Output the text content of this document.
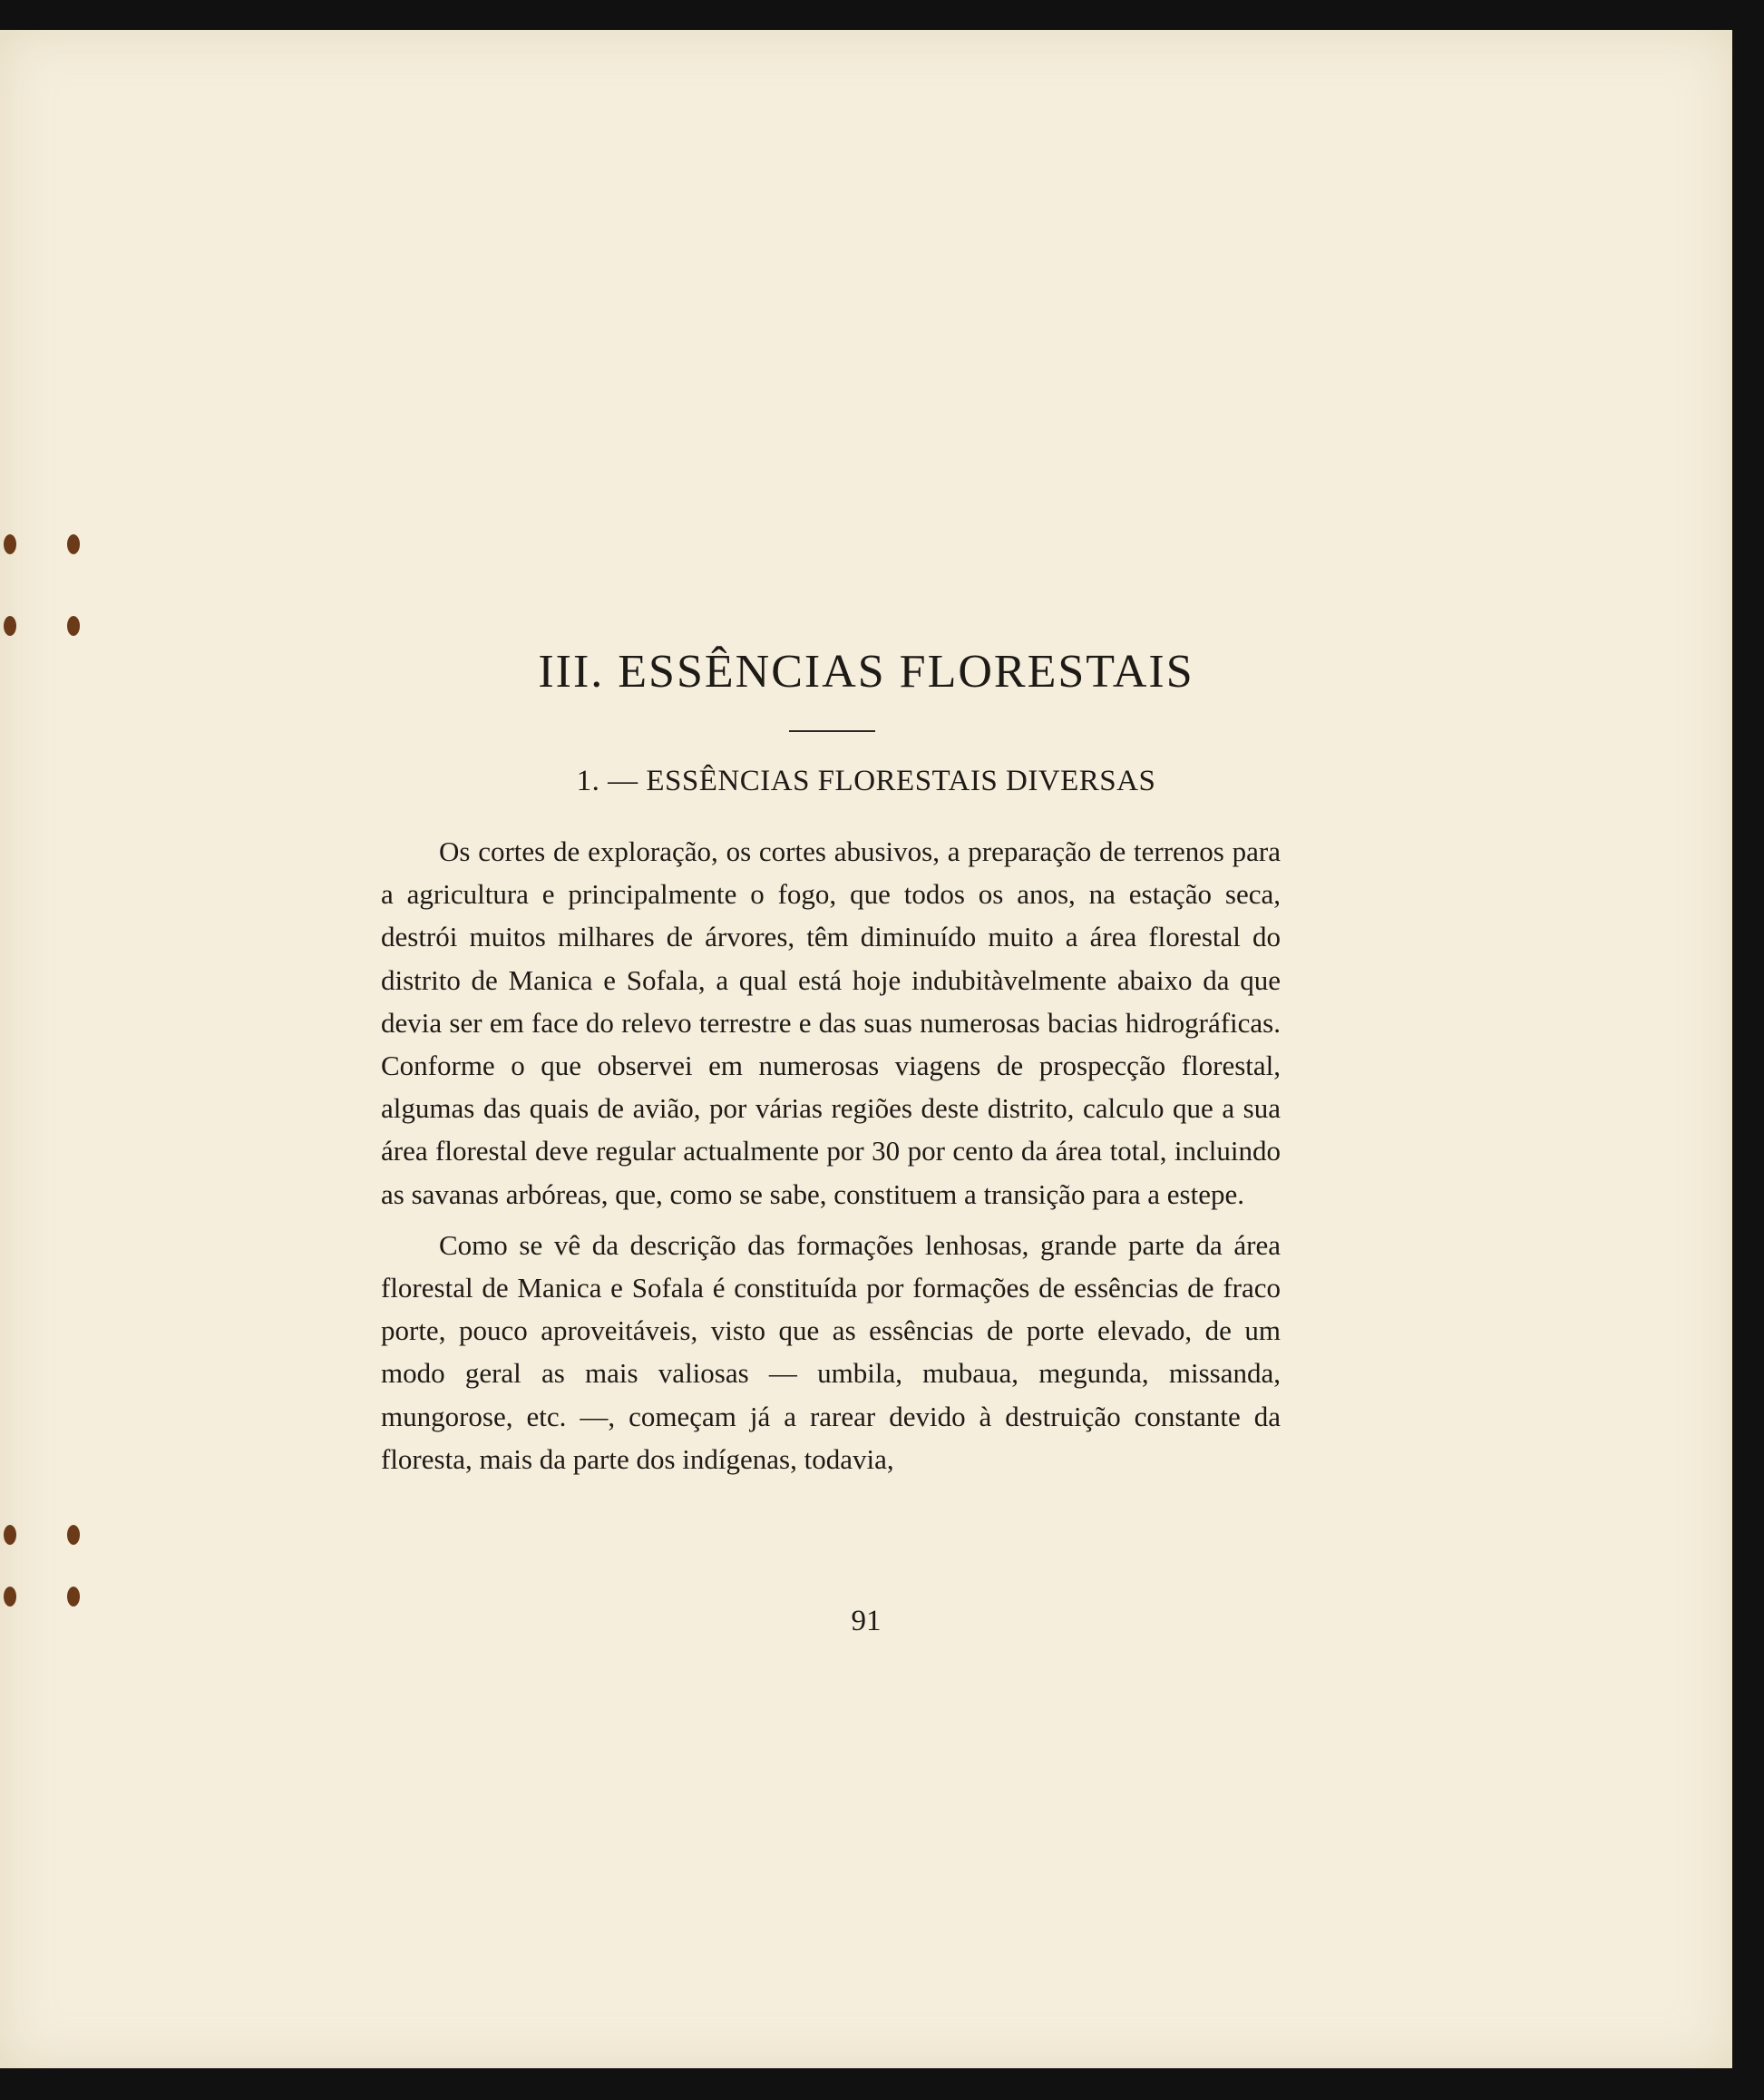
III. ESSÊNCIAS FLORESTAIS
1. — ESSÊNCIAS FLORESTAIS DIVERSAS

Os cortes de exploração, os cortes abusivos, a preparação de terrenos para a agricultura e principalmente o fogo, que todos os anos, na estação seca, destrói muitos milhares de árvores, têm diminuído muito a área florestal do distrito de Manica e Sofala, a qual está hoje indubitàvelmente abaixo da que devia ser em face do relevo terrestre e das suas numerosas bacias hidrográficas. Conforme o que observei em numerosas viagens de prospecção florestal, algumas das quais de avião, por várias regiões deste distrito, calculo que a sua área florestal deve regular actualmente por 30 por cento da área total, incluindo as savanas arbóreas, que, como se sabe, constituem a transição para a estepe.

Como se vê da descrição das formações lenhosas, grande parte da área florestal de Manica e Sofala é constituída por formações de essências de fraco porte, pouco aproveitáveis, visto que as essências de porte elevado, de um modo geral as mais valiosas — umbila, mubaua, megunda, missanda, mungorose, etc. —, começam já a rarear devido à destruição constante da floresta, mais da parte dos indígenas, todavia,

91
